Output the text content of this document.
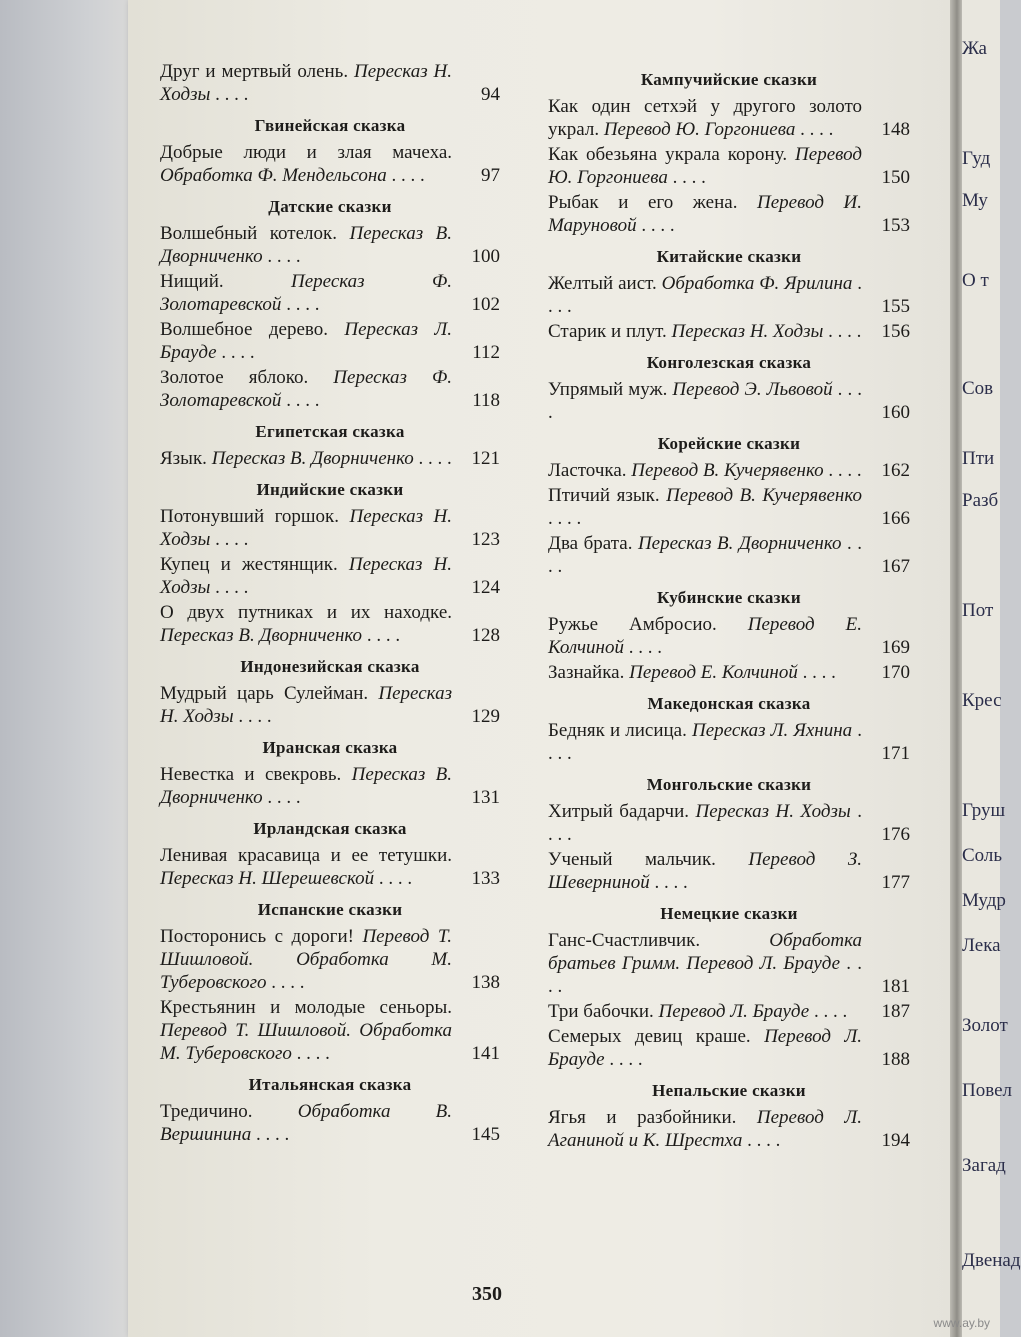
Друг и мертвый олень. Пересказ Н. Ходзы . . . .	94
Гвинейская сказка
Добрые люди и злая мачеха. Обработка Ф. Мендельсона . . . .	97
Датские сказки
Волшебный котелок. Пересказ В. Дворниченко . . . .	100
Нищий.	Пересказ Ф. Золотаревской . . . .	102
Волшебное дерево. Пересказ Л. Брауде . . . .	112
Золотое яблоко. Пересказ Ф. Золотаревской . . . .	118
Египетская сказка
Язык. Пересказ В. Дворниченко . . . . 121
Индийские сказки
Потонувший горшок. Пересказ Н. Ходзы . . . .	123
Купец и жестянщик. Пересказ Н. Ходзы . . . .	124
О двух путниках и их находке. Пересказ В. Дворниченко . . . .	128
Индонезийская сказка
Мудрый царь Сулейман. Пересказ Н. Ходзы . . . .	129
Иранская сказка
Невестка и свекровь. Пересказ В. Дворниченко . . . .	131
Ирландская сказка
Ленивая красавица и ее тетушки. Пересказ Н. Шерешевской . . . .	133
Испанские сказки
Посторонись с дороги! Перевод Т. Шишловой. Обработка М. Туберовского . . . .	138
Крестьянин и молодые сеньоры. Перевод Т. Шишловой. Обработка М. Туберовского . . . .	141
Итальянская сказка
Тредичино. Обработка В. Вершинина . . . .	145
Кампучийские сказки
Как один сетхэй у другого золото украл. Перевод Ю. Горгониева . . . .	148
Как обезьяна украла корону. Перевод Ю. Горгониева . . . .	150
Рыбак и его жена. Перевод И. Маруновой . . . .	153
Китайские сказки
Желтый аист. Обработка Ф. Ярилина . . . .	155
Старик и плут. Пересказ Н. Ходзы . . . . 156
Конголезская сказка
Упрямый муж. Перевод Э. Львовой . . . .	160
Корейские сказки
Ласточка. Перевод В. Кучерявенко . . . . 162
Птичий язык. Перевод В. Кучерявенко . . . .	166
Два брата. Пересказ В. Дворниченко . . . .	167
Кубинские сказки
Ружье Амбросио. Перевод Е. Колчиной . . . .	169
Зазнайка. Перевод Е. Колчиной . . . .	170
Македонская сказка
Бедняк и лисица. Пересказ Л. Яхнина . . . .	171
Монгольские сказки
Хитрый бадарчи. Пересказ Н. Ходзы . . . .	176
Ученый мальчик. Перевод З. Шеверниной . . . .	177
Немецкие сказки
Ганс-Счастливчик.	Обработка братьев Гримм. Перевод Л. Брауде . . . .	181
Три бабочки. Перевод Л. Брауде . . . .	187
Семерых девиц краше. Перевод Л. Брауде . . . .	188
Непальские сказки
Ягья и разбойники. Перевод Л. Аганиной и К. Шрестха . . . .	194
Жа
Гуд
Му
О т
Сов
Пти
Разб
Пот
Крес
Груш
Соль
Мудр
Лека
Золот
Повел
Загад
Двенад
350
www.ay.by
